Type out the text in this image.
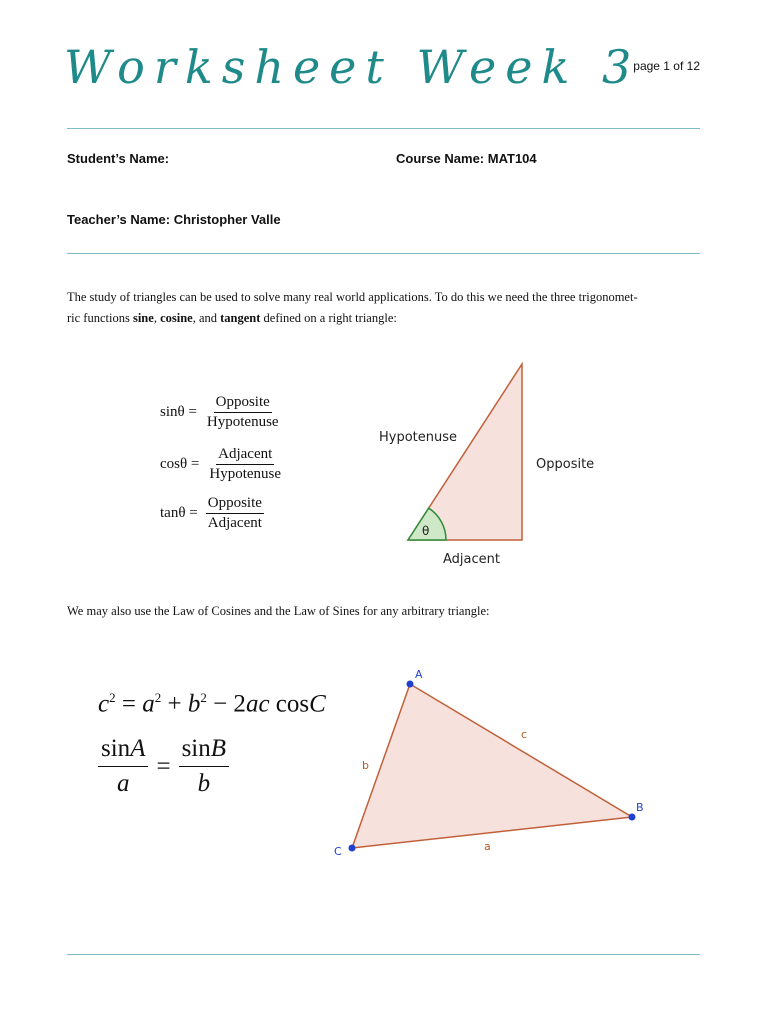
Worksheet Week 3
page 1 of 12
Student’s Name:	Course Name: MAT104
Teacher’s Name: Christopher Valle
The study of triangles can be used to solve many real world applications. To do this we need the three trigonomet-
ric functions sine, cosine, and tangent defined on a right triangle:
$\sin\theta = \frac{\text{Opposite}}{\text{Hypotenuse}}$
$\cos\theta = \frac{\text{Adjacent}}{\text{Hypotenuse}}$
$\tan\theta = \frac{\text{Opposite}}{\text{Adjacent}}$	θ
Hypotenuse
Opposite
Adjacent
We may also use the Law of Cosines and the Law of Sines for any arbitrary triangle:
$c^2 = a^2 + b^2 - 2ac$ cosC
$\frac{\sin A}{a} = \frac{\sin B}{b}$
A
B
C
c
b
a
